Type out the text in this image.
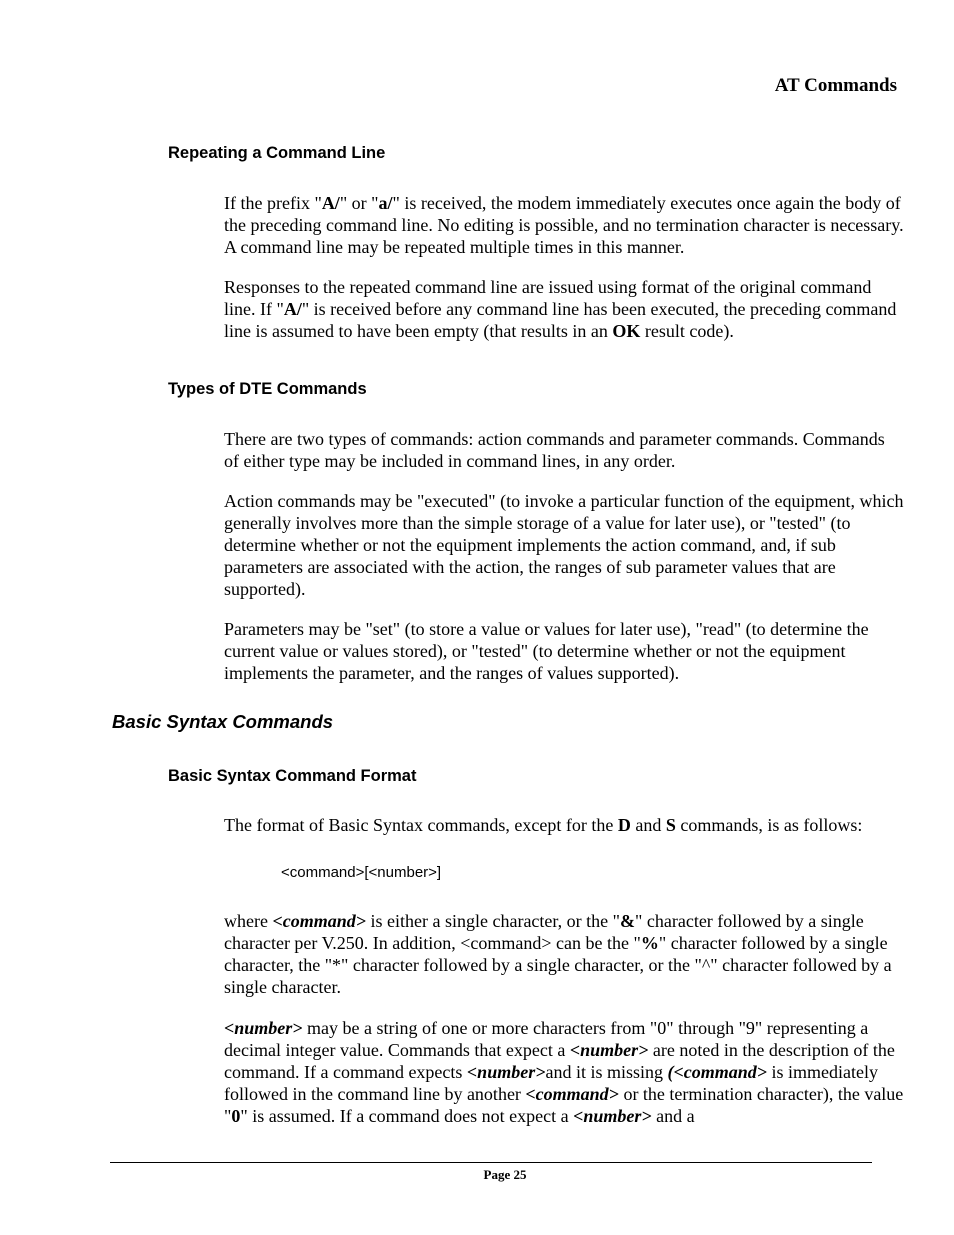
AT Commands
Repeating a Command Line

If the prefix "A/" or "a/" is received, the modem immediately executes once again the body of the preceding command line. No editing is possible, and no termination character is necessary. A command line may be repeated multiple times in this manner.

Responses to the repeated command line are issued using format of the original command line. If "A/" is received before any command line has been executed, the preceding command line is assumed to have been empty (that results in an OK result code).

Types of DTE Commands

There are two types of commands: action commands and parameter commands. Commands of either type may be included in command lines, in any order.

Action commands may be "executed" (to invoke a particular function of the equipment, which generally involves more than the simple storage of a value for later use), or "tested" (to determine whether or not the equipment implements the action command, and, if sub parameters are associated with the action, the ranges of sub parameter values that are supported).

Parameters may be "set" (to store a value or values for later use), "read" (to determine the current value or values stored), or "tested" (to determine whether or not the equipment implements the parameter, and the ranges of values supported).

Basic Syntax Commands
Basic Syntax Command Format

The format of Basic Syntax commands, except for the D and S commands, is as follows:

<command>[<number>]

where <command> is either a single character, or the "&" character followed by a single character per V.250. In addition, <command> can be the "%" character followed by a single character, the "*" character followed by a single character, or the "^" character followed by a single character.

<number> may be a string of one or more characters from "0" through "9" representing a decimal integer value. Commands that expect a <number> are noted in the description of the command. If a command expects <number>and it is missing (<command> is immediately followed in the command line by another <command> or the termination character), the value "0" is assumed. If a command does not expect a <number> and a

Page 25
